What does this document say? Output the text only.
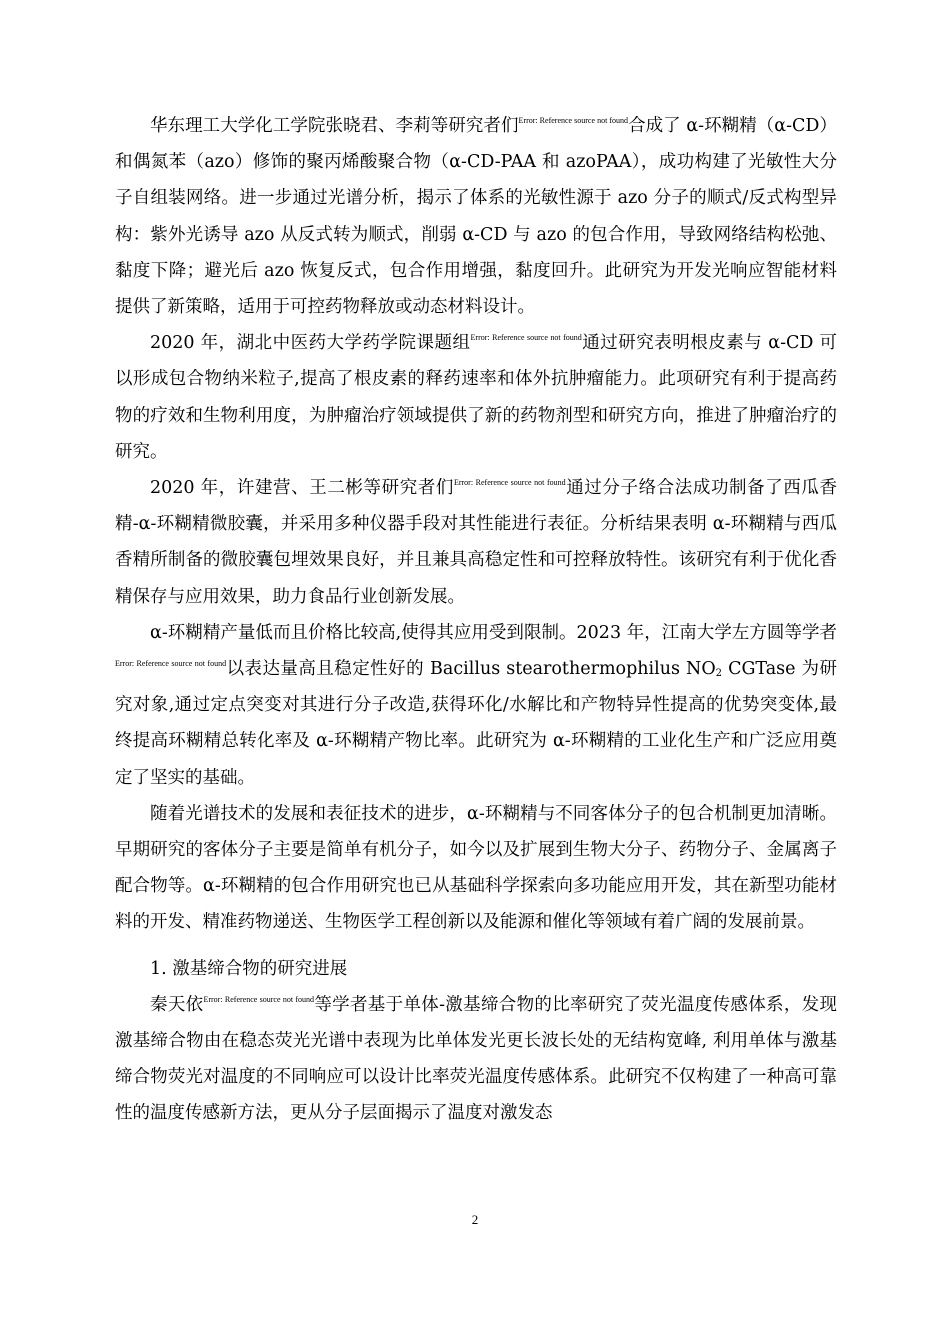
华东理工大学化工学院张晓君、李莉等研究者们$^{Error: Reference source not found}$合成了 α-环糊精（α-CD）和偶氮苯（azo）修饰的聚丙烯酸聚合物（α-CD-PAA 和 azoPAA），成功构建了光敏性大分子自组装网络。进一步通过光谱分析，揭示了体系的光敏性源于 azo 分子的顺式/反式构型异构：紫外光诱导 azo 从反式转为顺式，削弱 α-CD 与 azo 的包合作用，导致网络结构松弛、黏度下降；避光后 azo 恢复反式，包合作用增强，黏度回升。此研究为开发光响应智能材料提供了新策略，适用于可控药物释放或动态材料设计。

2020 年，湖北中医药大学药学院课题组$^{Error: Reference source not found}$通过研究表明根皮素与 α-CD 可以形成包合物纳米粒子,提高了根皮素的释药速率和体外抗肿瘤能力。此项研究有利于提高药物的疗效和生物利用度，为肿瘤治疗领域提供了新的药物剂型和研究方向，推进了肿瘤治疗的研究。

2020 年，许建营、王二彬等研究者们$^{Error: Reference source not found}$通过分子络合法成功制备了西瓜香精-α-环糊精微胶囊，并采用多种仪器手段对其性能进行表征。分析结果表明 α-环糊精与西瓜香精所制备的微胶囊包埋效果良好，并且兼具高稳定性和可控释放特性。该研究有利于优化香精保存与应用效果，助力食品行业创新发展。

α-环糊精产量低而且价格比较高,使得其应用受到限制。2023 年，江南大学左方圆等学者$^{Error: Reference source not found}$以表达量高且稳定性好的 Bacillus stearothermophilus $NO_2$ CGTase 为研究对象,通过定点突变对其进行分子改造,获得环化/水解比和产物特异性提高的优势突变体,最终提高环糊精总转化率及 α-环糊精产物比率。此研究为 α-环糊精的工业化生产和广泛应用奠定了坚实的基础。

随着光谱技术的发展和表征技术的进步，α-环糊精与不同客体分子的包合机制更加清晰。早期研究的客体分子主要是简单有机分子，如今以及扩展到生物大分子、药物分子、金属离子配合物等。α-环糊精的包合作用研究也已从基础科学探索向多功能应用开发，其在新型功能材料的开发、精准药物递送、生物医学工程创新以及能源和催化等领域有着广阔的发展前景。

1. 激基缔合物的研究进展

秦天依$^{Error: Reference source not found}$等学者基于单体-激基缔合物的比率研究了荧光温度传感体系，发现激基缔合物由在稳态荧光光谱中表现为比单体发光更长波长处的无结构宽峰, 利用单体与激基缔合物荧光对温度的不同响应可以设计比率荧光温度传感体系。此研究不仅构建了一种高可靠性的温度传感新方法，更从分子层面揭示了温度对激发态

2
